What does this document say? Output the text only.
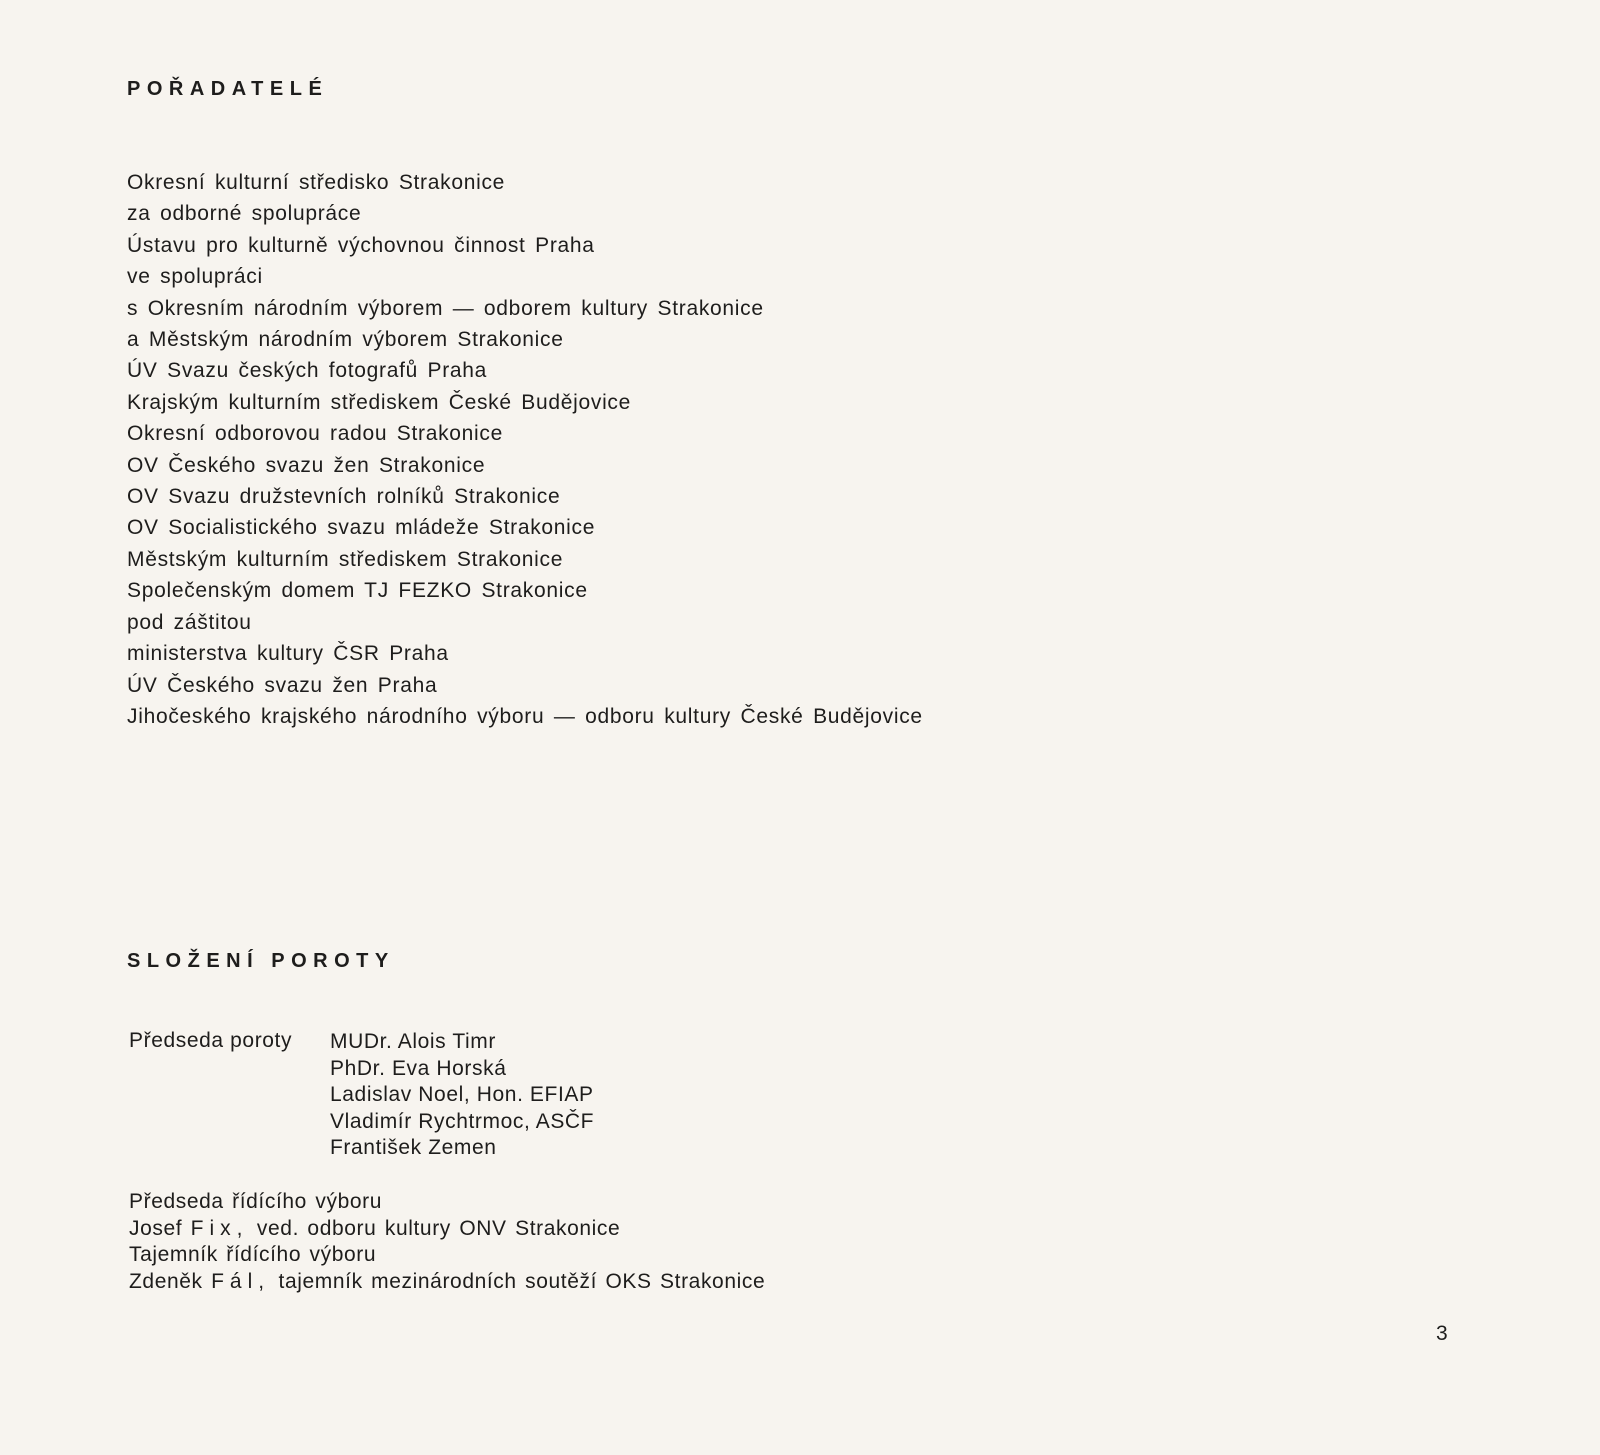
POŘADATELÉ
Okresní kulturní středisko Strakonice
za odborné spolupráce
Ústavu pro kulturně výchovnou činnost Praha
ve spolupráci
s Okresním národním výborem — odborem kultury Strakonice
a Městským národním výborem Strakonice
ÚV Svazu českých fotografů Praha
Krajským kulturním střediskem České Budějovice
Okresní odborovou radou Strakonice
OV Českého svazu žen Strakonice
OV Svazu družstevních rolníků Strakonice
OV Socialistického svazu mládeže Strakonice
Městským kulturním střediskem Strakonice
Společenským domem TJ FEZKO Strakonice
pod záštitou
ministerstva kultury ČSR Praha
ÚV Českého svazu žen Praha
Jihočeského krajského národního výboru — odboru kultury České Budějovice
SLOŽENÍ POROTY
Předseda poroty MUDr. Alois Timr
PhDr. Eva Horská
Ladislav Noel, Hon. EFIAP
Vladimír Rychtrmoc, ASČF
František Zemen
Předseda řídícího výboru
Josef Fix, ved. odboru kultury ONV Strakonice
Tajemník řídícího výboru
Zdeněk Fál, tajemník mezinárodních soutěží OKS Strakonice
3
